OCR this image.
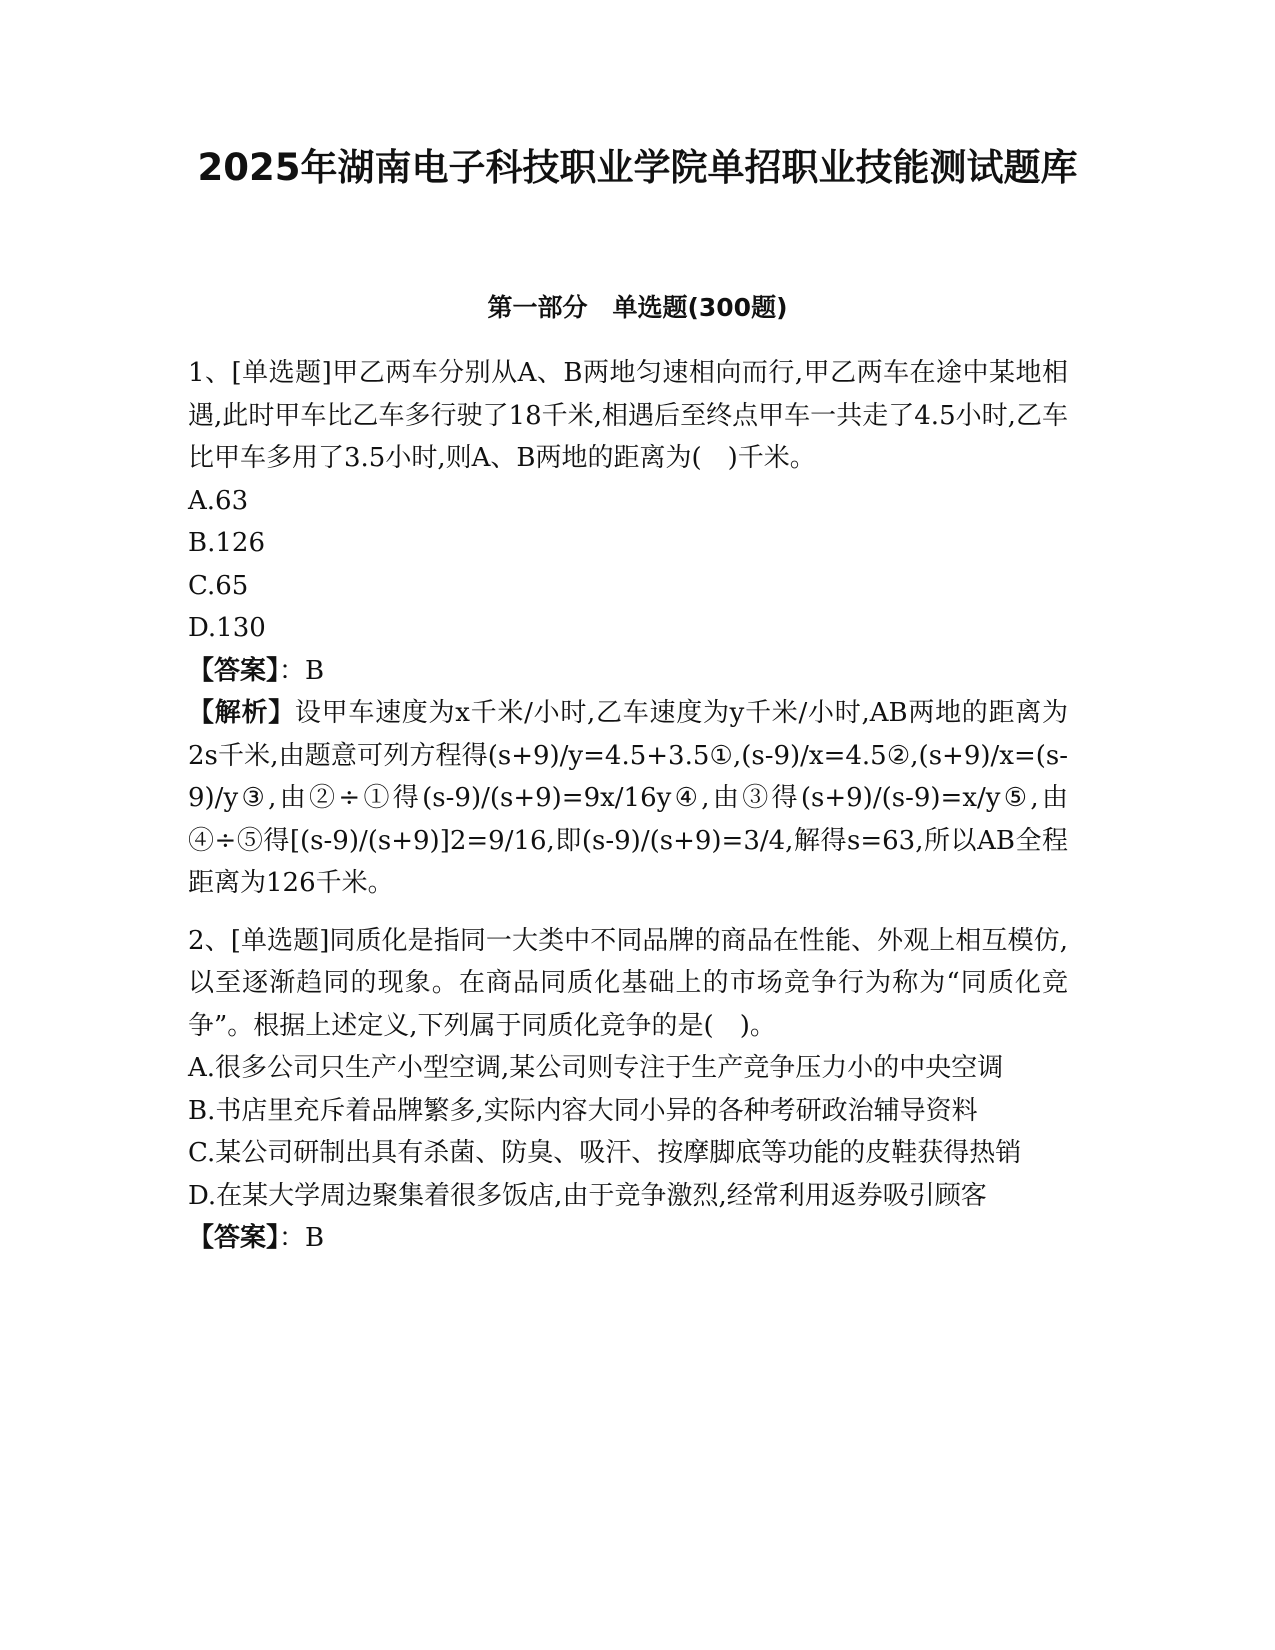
2025年湖南电子科技职业学院单招职业技能测试题库
第一部分　单选题(300题)

1、[单选题]甲乙两车分别从A、B两地匀速相向而行,甲乙两车在途中某地相遇,此时甲车比乙车多行驶了18千米,相遇后至终点甲车一共走了4.5小时,乙车比甲车多用了3.5小时,则A、B两地的距离为(　)千米。

A.63
B.126
C.65
D.130

【答案】：B

【解析】设甲车速度为x千米/小时,乙车速度为y千米/小时,AB两地的距离为2s千米,由题意可列方程得(s+9)/y=4.5+3.5①,(s-9)/x=4.5②,(s+9)/x=(s-9)/y③,由②÷①得(s-9)/(s+9)=9x/16y④,由③得(s+9)/(s-9)=x/y⑤,由④÷⑤得[(s-9)/(s+9)]2=9/16,即(s-9)/(s+9)=3/4,解得s=63,所以AB全程距离为126千米。

2、[单选题]同质化是指同一大类中不同品牌的商品在性能、外观上相互模仿,以至逐渐趋同的现象。在商品同质化基础上的市场竞争行为称为“同质化竞争”。根据上述定义,下列属于同质化竞争的是(　)。

A.很多公司只生产小型空调,某公司则专注于生产竞争压力小的中央空调
B.书店里充斥着品牌繁多,实际内容大同小异的各种考研政治辅导资料
C.某公司研制出具有杀菌、防臭、吸汗、按摩脚底等功能的皮鞋获得热销
D.在某大学周边聚集着很多饭店,由于竞争激烈,经常利用返券吸引顾客

【答案】：B
